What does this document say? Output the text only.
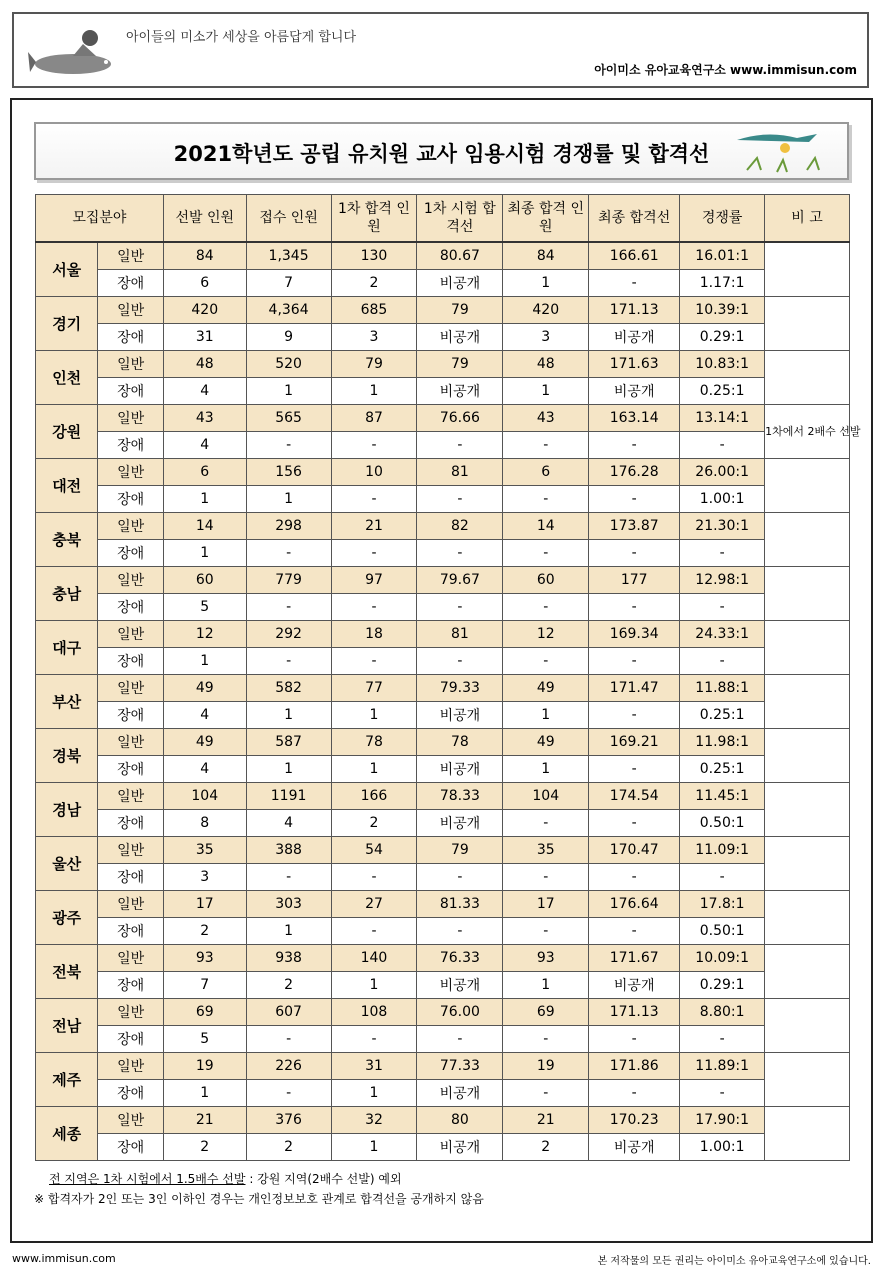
아이들의 미소가 세상을 아름답게 합니다
아이미소 유아교육연구소 www.immisun.com
2021학년도 공립 유치원 교사 임용시험 경쟁률 및 합격선
모집분야		선발 인원	접수 인원	1차 합격 인원	1차 시험 합격선	최종 합격 인원	최종 합격선	경쟁률	비 고
서울	일반	84	1,345	130	80.67	84	166.61	16.01:1	
	장애	6	7	2	비공개	1	-	1.17:1	
경기	일반	420	4,364	685	79	420	171.13	10.39:1	
	장애	31	9	3	비공개	3	비공개	0.29:1	
인천	일반	48	520	79	79	48	171.63	10.83:1	
	장애	4	1	1	비공개	1	비공개	0.25:1	
강원	일반	43	565	87	76.66	43	163.14	13.14:1	1차에서 2배수 선발
	장애	4	-	-	-	-	-	-	
대전	일반	6	156	10	81	6	176.28	26.00:1	
	장애	1	1	-	-	-	-	1.00:1	
충북	일반	14	298	21	82	14	173.87	21.30:1	
	장애	1	-	-	-	-	-	-	
충남	일반	60	779	97	79.67	60	177	12.98:1	
	장애	5	-	-	-	-	-	-	
대구	일반	12	292	18	81	12	169.34	24.33:1	
	장애	1	-	-	-	-	-	-	
부산	일반	49	582	77	79.33	49	171.47	11.88:1	
	장애	4	1	1	비공개	1	-	0.25:1	
경북	일반	49	587	78	78	49	169.21	11.98:1	
	장애	4	1	1	비공개	1	-	0.25:1	
경남	일반	104	1191	166	78.33	104	174.54	11.45:1	
	장애	8	4	2	비공개	-	-	0.50:1	
울산	일반	35	388	54	79	35	170.47	11.09:1	
	장애	3	-	-	-	-	-	-	
광주	일반	17	303	27	81.33	17	176.64	17.8:1	
	장애	2	1	-	-	-	-	0.50:1	
전북	일반	93	938	140	76.33	93	171.67	10.09:1	
	장애	7	2	1	비공개	1	비공개	0.29:1	
전남	일반	69	607	108	76.00	69	171.13	8.80:1	
	장애	5	-	-	-	-	-	-	
제주	일반	19	226	31	77.33	19	171.86	11.89:1	
	장애	1	-	1	비공개	-	-	-	
세종	일반	21	376	32	80	21	170.23	17.90:1	
	장애	2	2	1	비공개	2	비공개	1.00:1	
전 지역은 1차 시험에서 1.5배수 선발 : 강원 지역(2배수 선발) 예외
※ 합격자가 2인 또는 3인 이하인 경우는 개인정보보호 관계로 합격선을 공개하지 않음
www.immisun.com	본 저작물의 모든 권리는 아이미소 유아교육연구소에 있습니다.
